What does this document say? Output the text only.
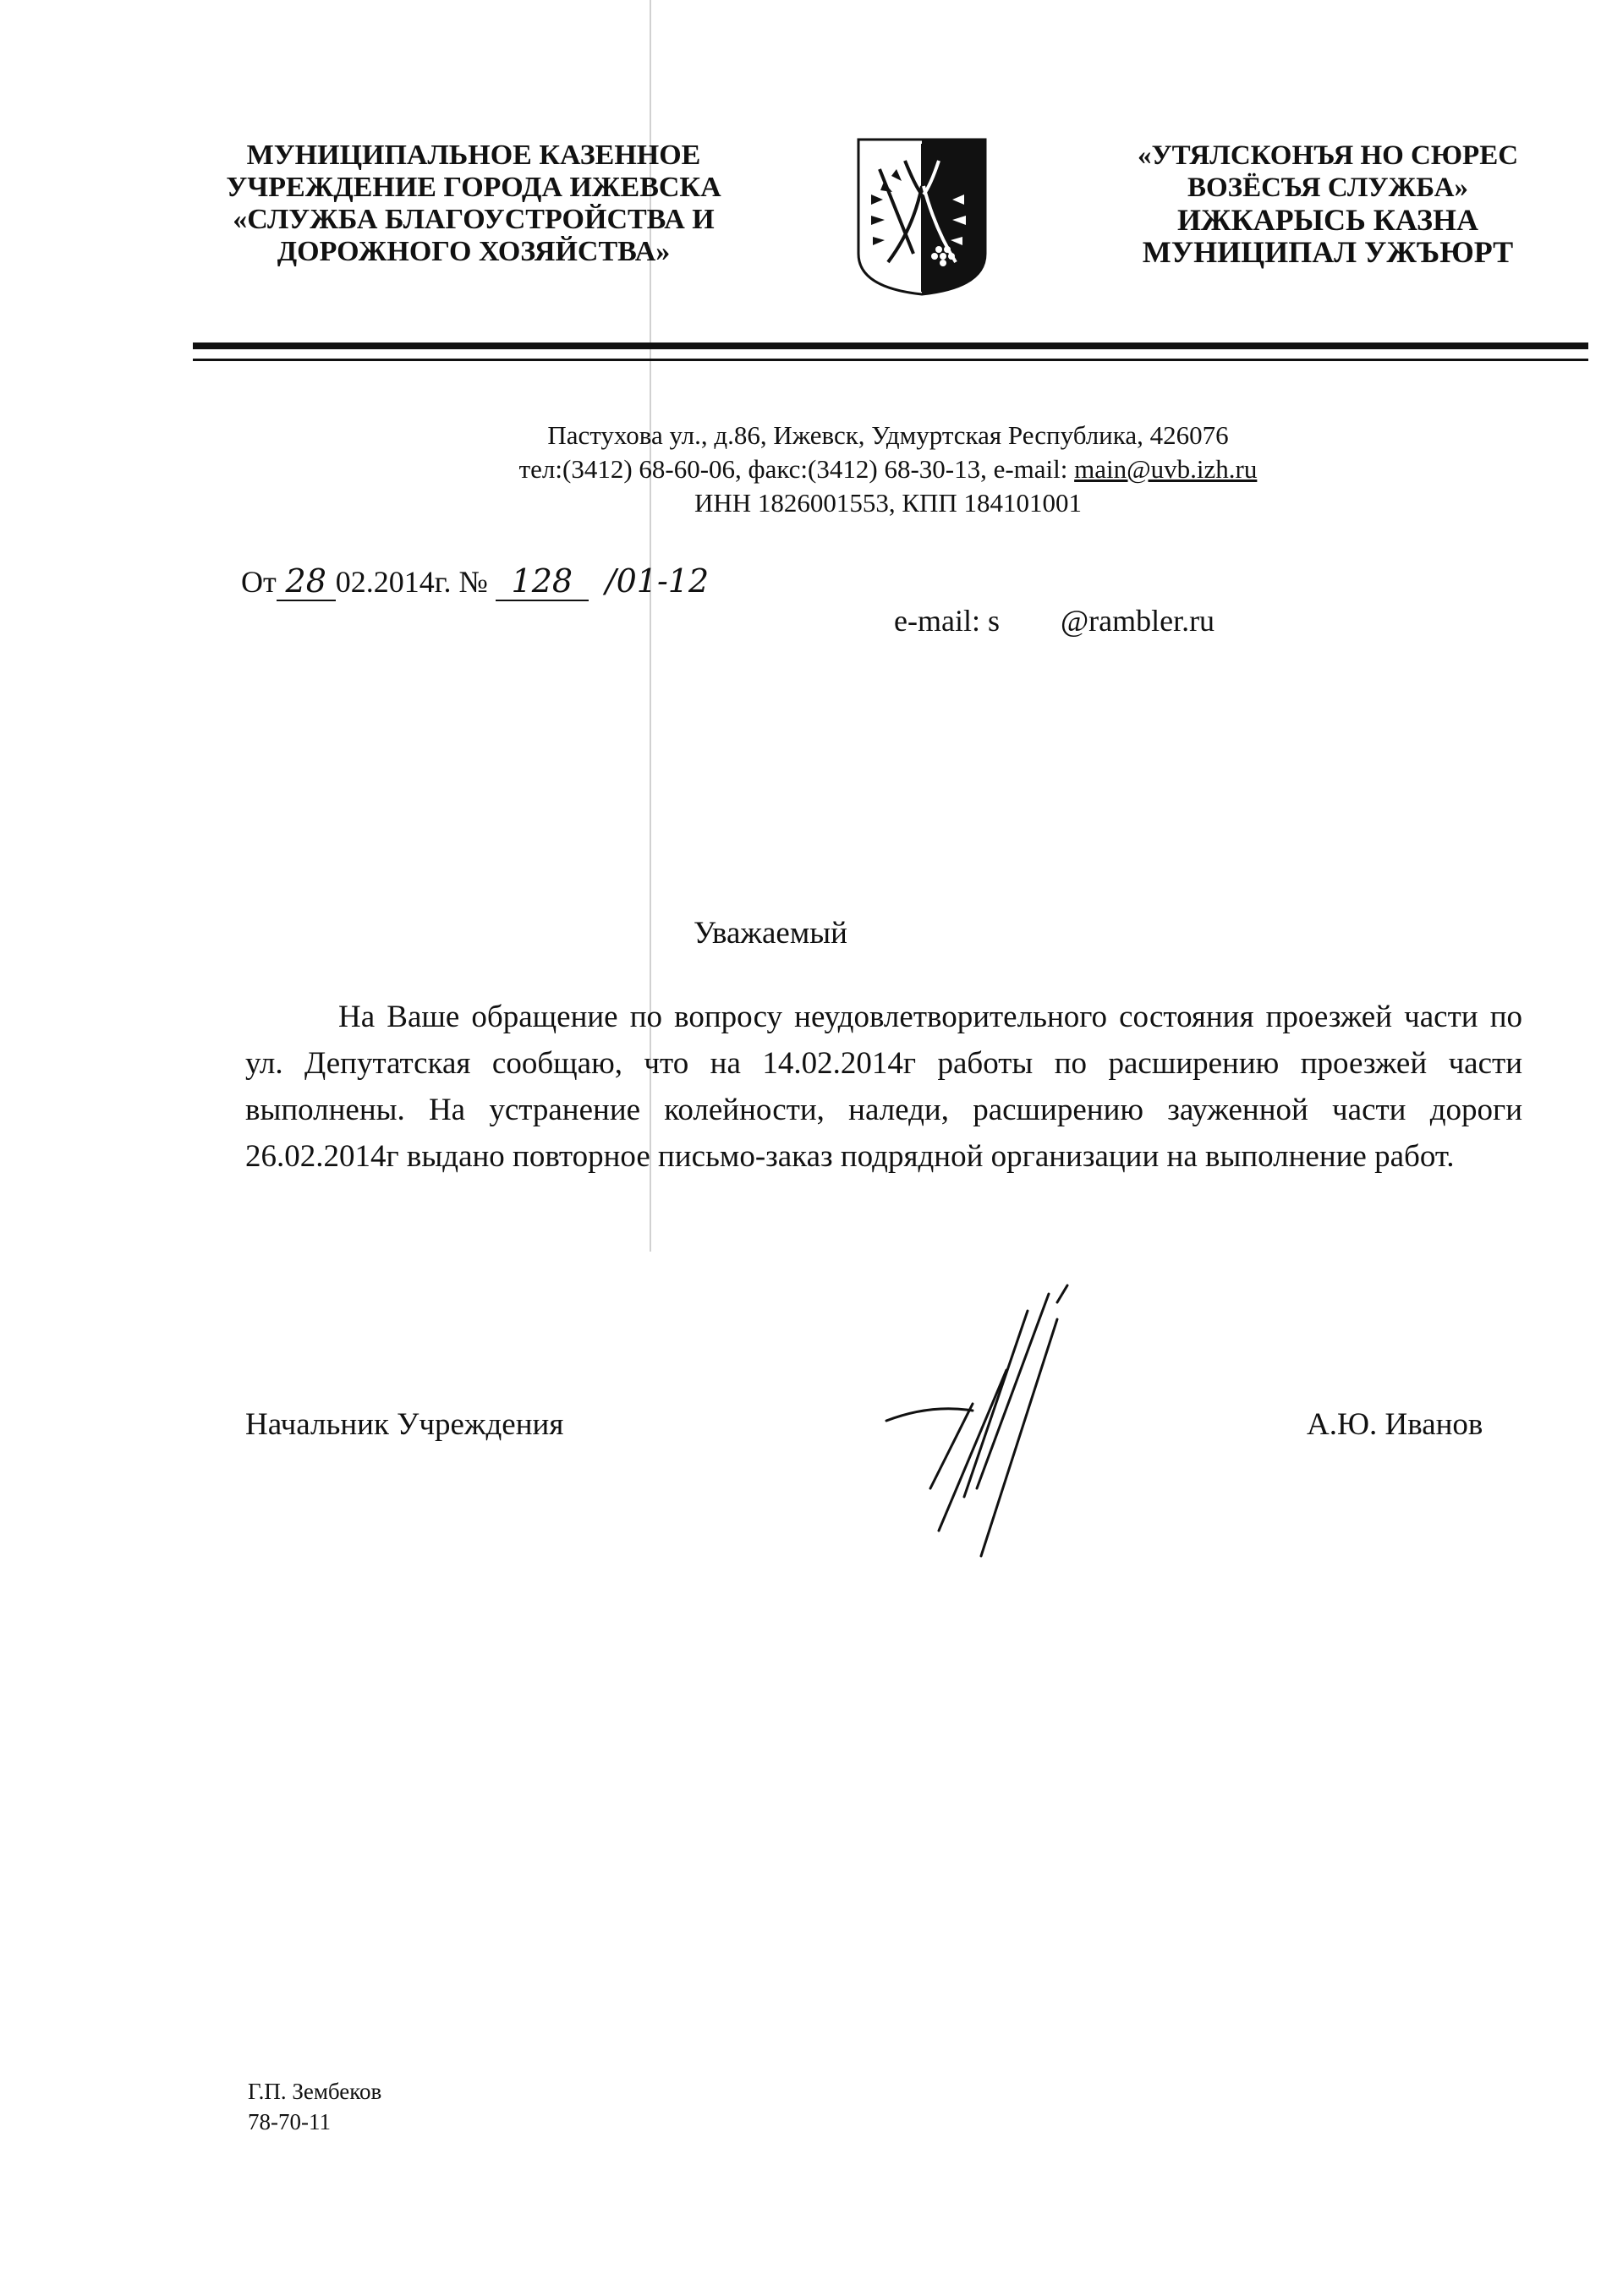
МУНИЦИПАЛЬНОЕ КАЗЕННОЕ
УЧРЕЖДЕНИЕ ГОРОДА ИЖЕВСКА
«СЛУЖБА БЛАГОУСТРОЙСТВА И
ДОРОЖНОГО ХОЗЯЙСТВА»
«УТЯЛСКОНЪЯ НО СЮРЕС
ВОЗЁСЪЯ СЛУЖБА»
ИЖКАРЫСЬ КАЗНА
МУНИЦИПАЛ УЖЪЮРТ
Пастухова ул., д.86, Ижевск, Удмуртская Республика, 426076
тел:(3412) 68-60-06, факс:(3412) 68-30-13, e-mail: main@uvb.izh.ru
ИНН 1826001553, КПП 184101001
От 28 02.2014г. № 128 /01-12
e-mail: s        @rambler.ru
Уважаемый
На Ваше обращение по вопросу неудовлетворительного состояния проезжей части по ул. Депутатская сообщаю, что на 14.02.2014г работы по расширению проезжей части выполнены. На устранение колейности, наледи, расширению зауженной части дороги 26.02.2014г выдано повторное письмо-заказ подрядной организации на выполнение работ.
Начальник Учреждения	А.Ю. Иванов
Г.П. Зембеков
78-70-11
